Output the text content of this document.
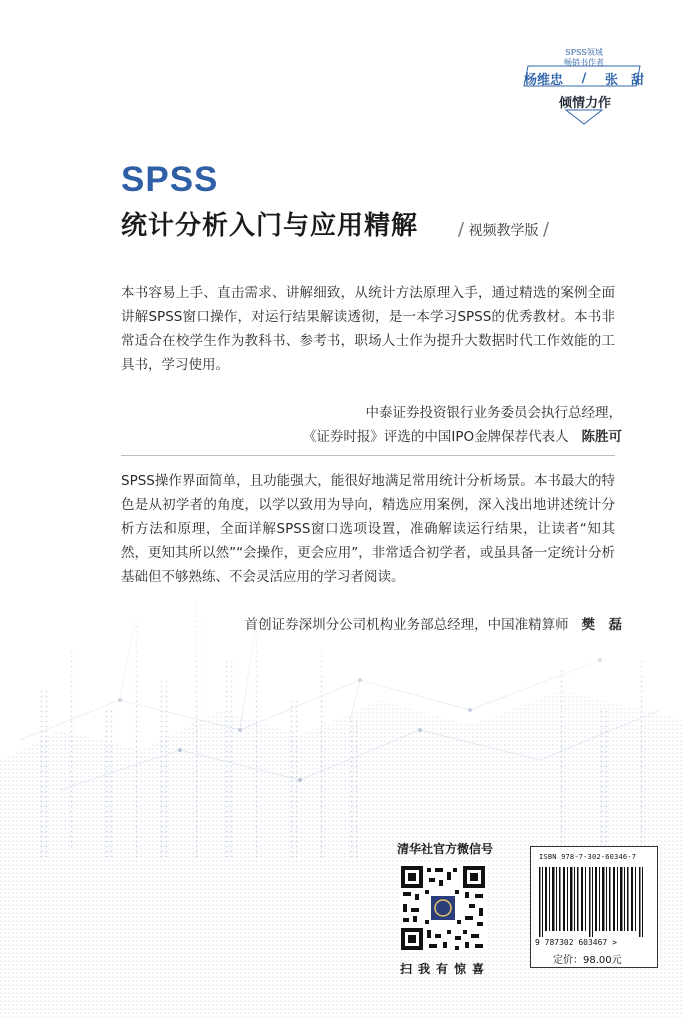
SPSS领域
畅销书作者
杨维忠 / 张　甜
倾情力作
SPSS
统计分析入门与应用精解 / 视频教学版 /

本书容易上手、直击需求、讲解细致，从统计方法原理入手，通过精选的案例全面讲解SPSS窗口操作，对运行结果解读透彻，是一本学习SPSS的优秀教材。本书非常适合在校学生作为教科书、参考书，职场人士作为提升大数据时代工作效能的工具书，学习使用。

中泰证券投资银行业务委员会执行总经理，
《证券时报》评选的中国IPO金牌保荐代表人 陈胜可

SPSS操作界面简单，且功能强大，能很好地满足常用统计分析场景。本书最大的特色是从初学者的角度，以学以致用为导向，精选应用案例，深入浅出地讲述统计分析方法和原理，全面详解SPSS窗口选项设置，准确解读运行结果，让读者“知其然，更知其所以然”“会操作，更会应用”，非常适合初学者，或虽具备一定统计分析基础但不够熟练、不会灵活应用的学习者阅读。

首创证券深圳分公司机构业务部总经理，中国准精算师 樊　磊
清华社官方微信号
扫我有惊喜
ISBN 978-7-302-60346-7
9 787302 603467 >
定价：98.00元
